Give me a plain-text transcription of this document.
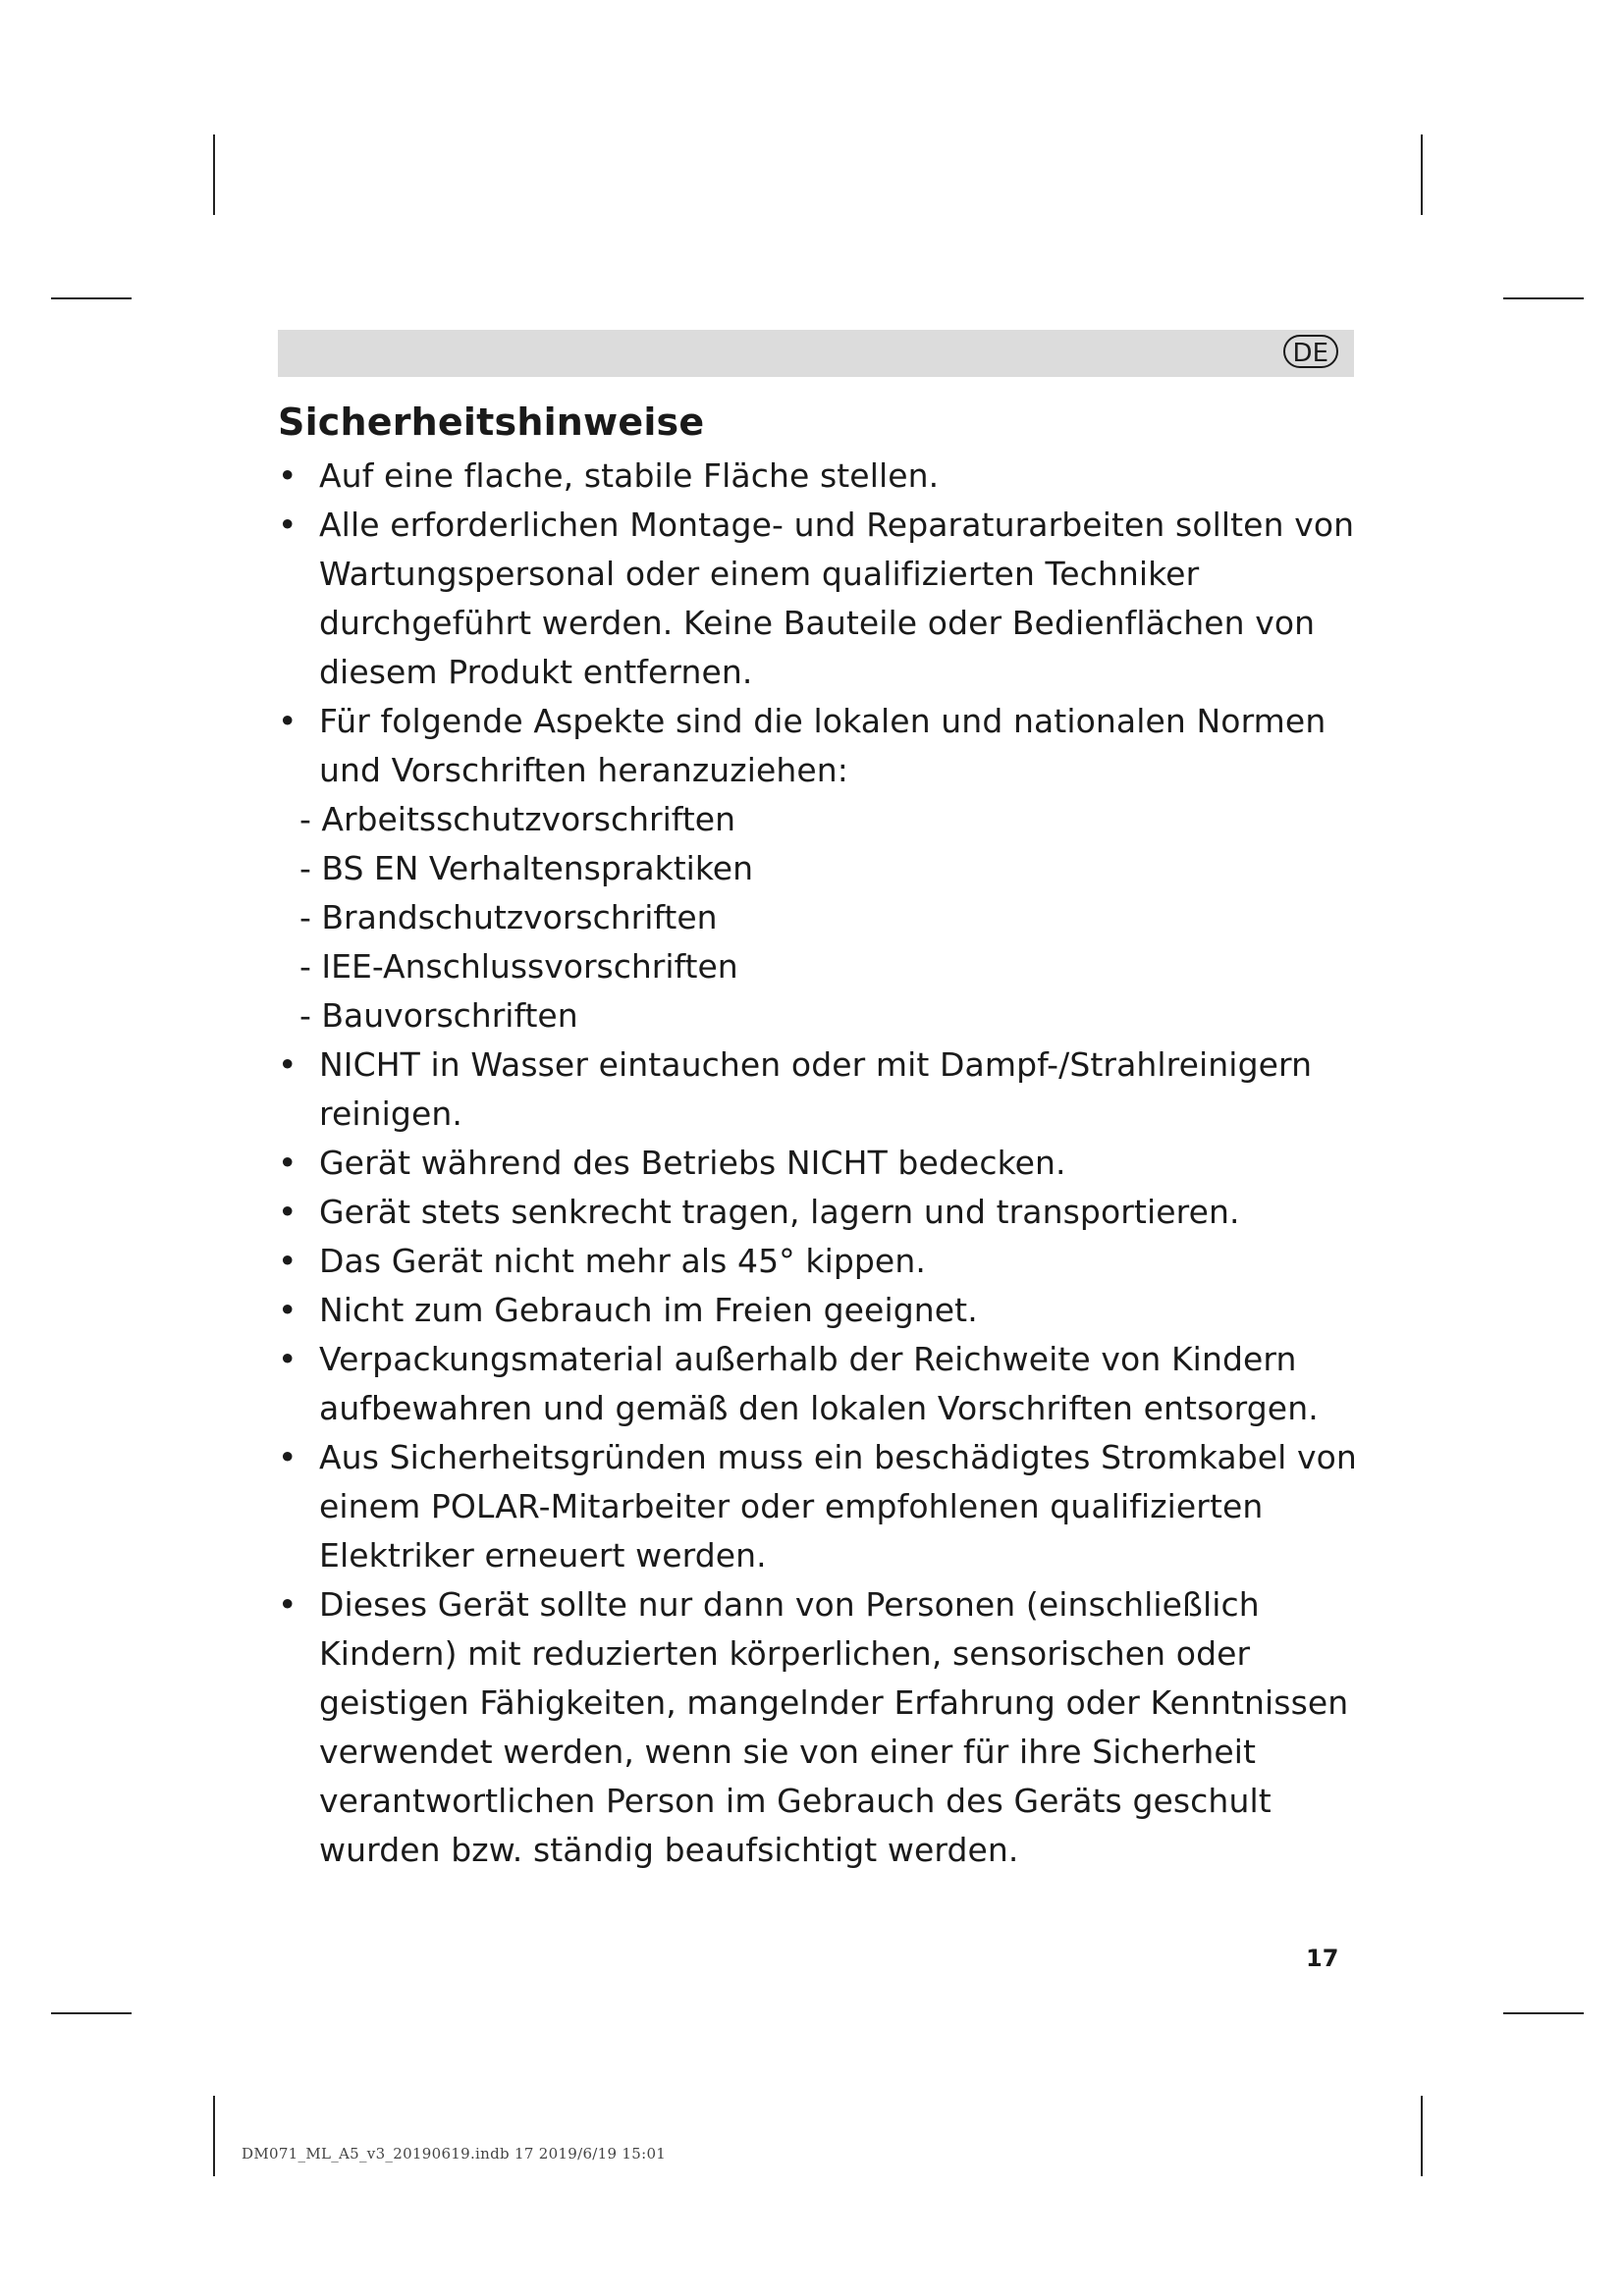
DE
Sicherheitshinweise
• Auf eine flache, stabile Fläche stellen.
• Alle erforderlichen Montage- und Reparaturarbeiten sollten von Wartungspersonal oder einem qualifizierten Techniker durchgeführt werden. Keine Bauteile oder Bedienflächen von diesem Produkt entfernen.
• Für folgende Aspekte sind die lokalen und nationalen Normen und Vorschriften heranzuziehen:
- Arbeitsschutzvorschriften
- BS EN Verhaltenspraktiken
- Brandschutzvorschriften
- IEE-Anschlussvorschriften
- Bauvorschriften
• NICHT in Wasser eintauchen oder mit Dampf-/Strahlreinigern reinigen.
• Gerät während des Betriebs NICHT bedecken.
• Gerät stets senkrecht tragen, lagern und transportieren.
• Das Gerät nicht mehr als 45° kippen.
• Nicht zum Gebrauch im Freien geeignet.
• Verpackungsmaterial außerhalb der Reichweite von Kindern aufbewahren und gemäß den lokalen Vorschriften entsorgen.
• Aus Sicherheitsgründen muss ein beschädigtes Stromkabel von einem POLAR-Mitarbeiter oder empfohlenen qualifizierten Elektriker erneuert werden.
• Dieses Gerät sollte nur dann von Personen (einschließlich Kindern) mit reduzierten körperlichen, sensorischen oder geistigen Fähigkeiten, mangelnder Erfahrung oder Kenntnissen verwendet werden, wenn sie von einer für ihre Sicherheit verantwortlichen Person im Gebrauch des Geräts geschult wurden bzw. ständig beaufsichtigt werden.
17
DM071_ML_A5_v3_20190619.indb 17 2019/6/19 15:01
